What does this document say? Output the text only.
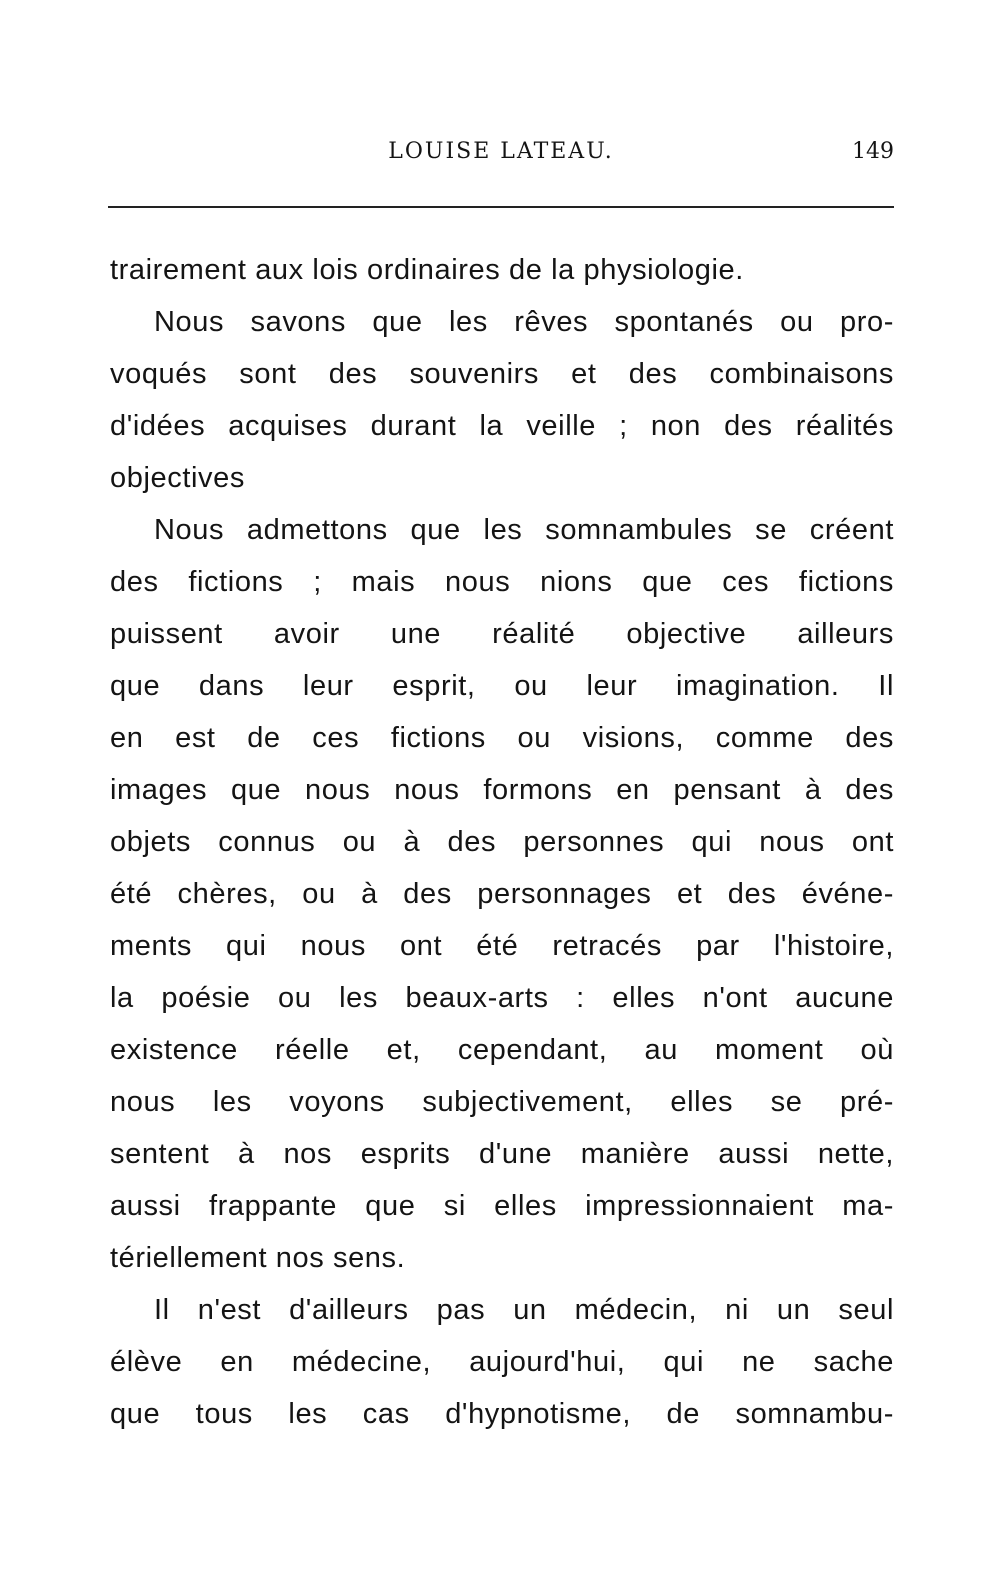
LOUISE LATEAU.	149
trairement aux lois ordinaires de la physiologie.
Nous savons que les rêves spontanés ou pro-
voqués sont des souvenirs et des combinaisons
d'idées acquises durant la veille ; non des réalités
objectives
Nous admettons que les somnambules se créent
des fictions ; mais nous nions que ces fictions
puissent avoir une réalité objective ailleurs
que dans leur esprit, ou leur imagination. Il
en est de ces fictions ou visions, comme des
images que nous nous formons en pensant à des
objets connus ou à des personnes qui nous ont
été chères, ou à des personnages et des événe-
ments qui nous ont été retracés par l'histoire,
la poésie ou les beaux-arts : elles n'ont aucune
existence réelle et, cependant, au moment où
nous les voyons subjectivement, elles se pré-
sentent à nos esprits d'une manière aussi nette,
aussi frappante que si elles impressionnaient ma-
tériellement nos sens.
Il n'est d'ailleurs pas un médecin, ni un seul
élève en médecine, aujourd'hui, qui ne sache
que tous les cas d'hypnotisme, de somnambu-
